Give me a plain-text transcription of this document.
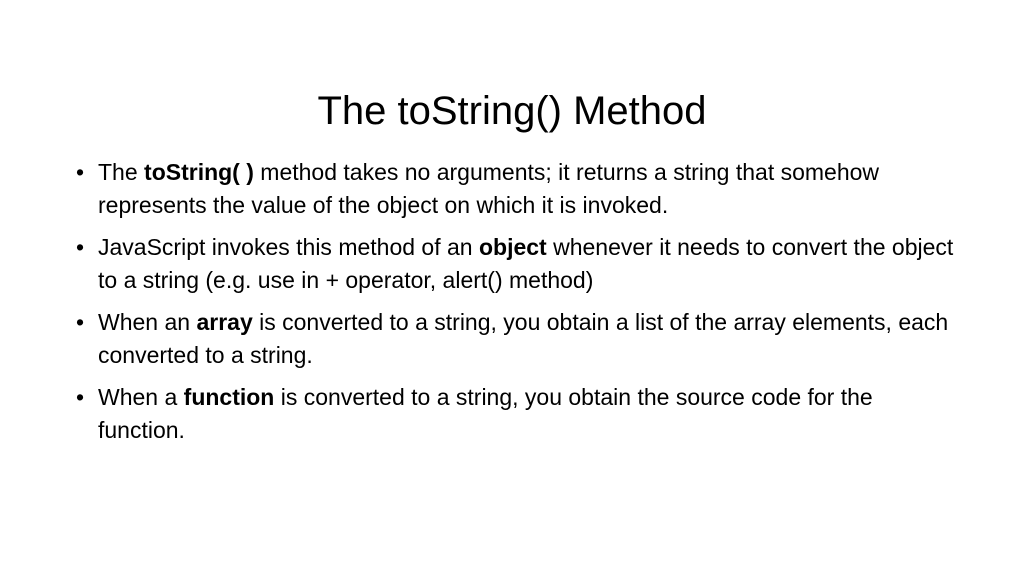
The toString() Method
• The toString( ) method takes no arguments; it returns a string that somehow represents the value of the object on which it is invoked.
• JavaScript invokes this method of an object whenever it needs to convert the object to a string (e.g. use in + operator, alert() method)
• When an array is converted to a string, you obtain a list of the array elements, each converted to a string.
• When a function is converted to a string, you obtain the source code for the function.
